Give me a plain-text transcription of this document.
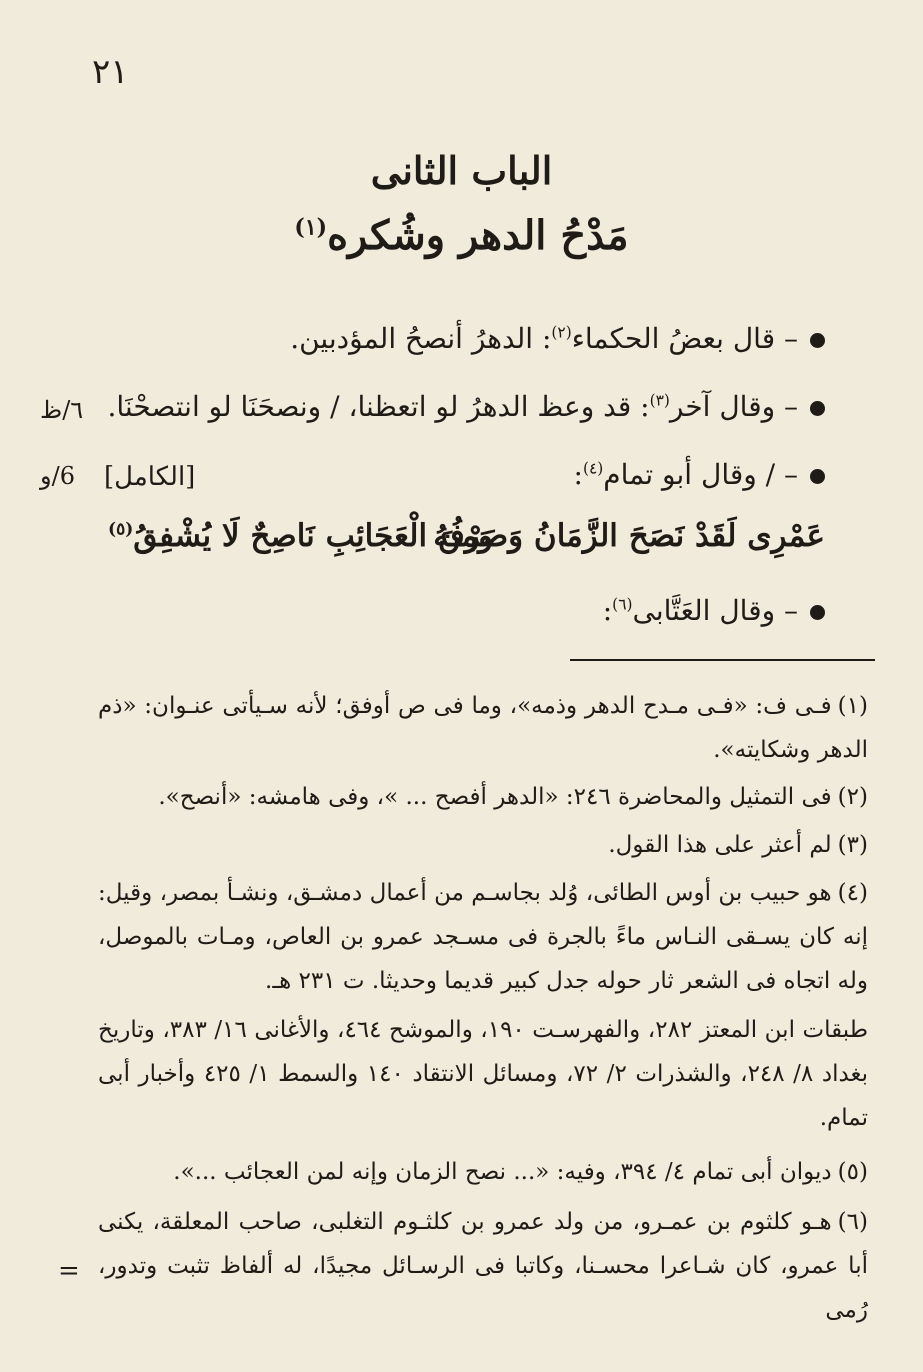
٢١
الباب الثانى
مَدْحُ الدهر وشُكره$^{(١)}$
– قال بعضُ الحكماء$^{(٢)}$: الدهرُ أنصحُ المؤدبين.
– وقال آخر$^{(٣)}$: قد وعظ الدهرُ لو اتعظنا، / ونصحَنَا لو انتصحْنَا.
٦/ظ
– / وقال أبو تمام$^{(٤)}$:
[الكامل]
6/و
عَمْرِى لَقَدْ نَصَحَ الزَّمَانُ وَصَرْفُهُ
وَمِنَ الْعَجَائِبِ نَاصِحٌ لَا يُشْفِقُ$^{(٥)}$
– وقال العَتَّابى$^{(٦)}$:
(١)فـى ف: «فـى مـدح الدهر وذمه»، وما فى ص أوفق؛ لأنه سـيأتى عنـوان: «ذم الدهر وشكايته».
(٢)فى التمثيل والمحاضرة ٢٤٦: «الدهر أفصح ... »، وفى هامشه: «أنصح».
(٣)لم أعثر على هذا القول.
(٤)هو حبيب بن أوس الطائى، وُلد بجاسـم من أعمال دمشـق، ونشـأ بمصر، وقيل: إنه كان يسـقى النـاس ماءً بالجرة فى مسـجد عمرو بن العاص، ومـات بالموصل، وله اتجاه فى الشعر ثار حوله جدل كبير قديما وحديثا. ت ٢٣١ هـ.
طبقات ابن المعتز ٢٨٢، والفهرسـت ١٩٠، والموشح ٤٦٤، والأغانى ١٦/ ٣٨٣، وتاريخ بغداد ٨/ ٢٤٨، والشذرات ٢/ ٧٢، ومسائل الانتقاد ١٤٠ والسمط ١/ ٤٢٥ وأخبار أبى تمام.
(٥)ديوان أبى تمام ٤/ ٣٩٤، وفيه: «... نصح الزمان وإنه لمن العجائب ...».
(٦)هـو كلثوم بن عمـرو، من ولد عمرو بن كلثـوم التغلبى، صاحب المعلقة، يكنى أبا عمرو، كان شـاعرا محسـنا، وكاتبا فى الرسـائل مجيدًا، له ألفاظ تثبت وتدور، رُمى
=
